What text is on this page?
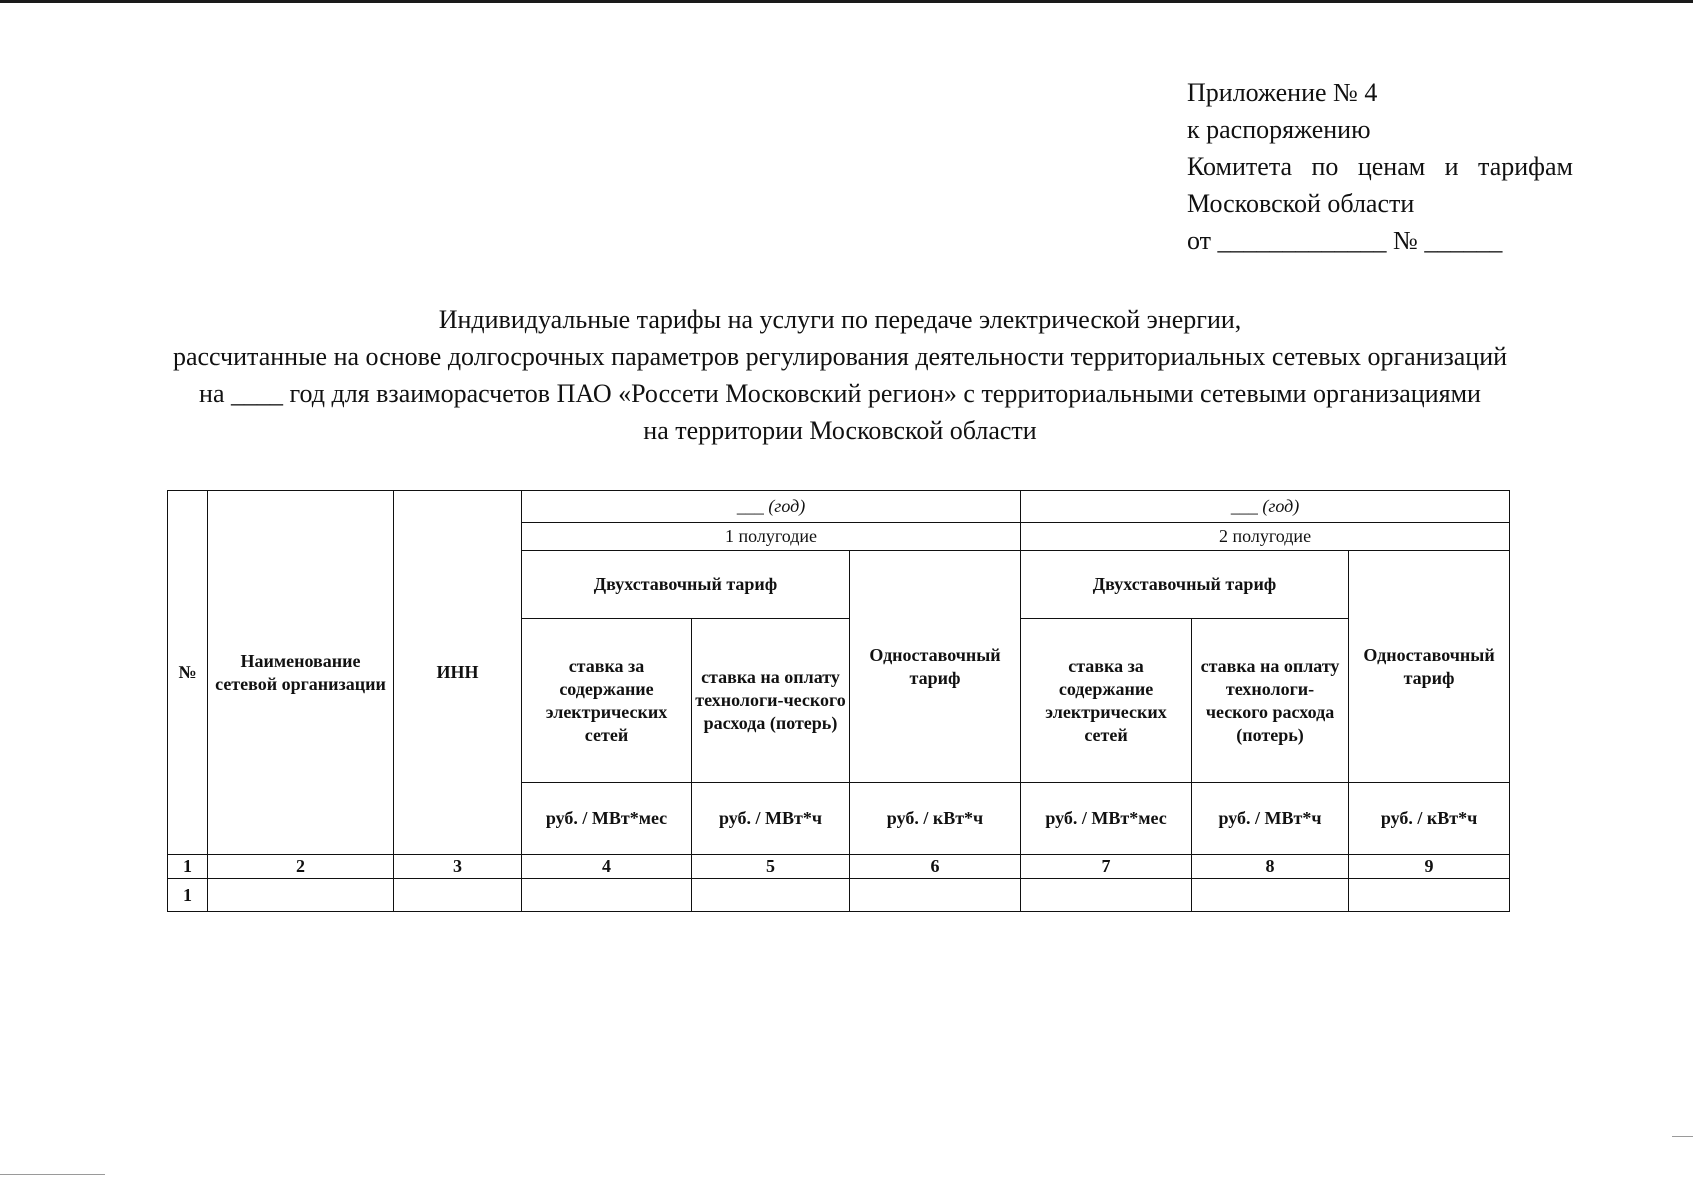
Приложение № 4
к распоряжению
Комитета по ценам и тарифам
Московской области
от _____________ № ______
Индивидуальные тарифы на услуги по передаче электрической энергии,
рассчитанные на основе долгосрочных параметров регулирования деятельности территориальных сетевых организаций
на ____ год для взаиморасчетов ПАО «Россети Московский регион» с территориальными сетевыми организациями
на территории Московской области
№	Наименование сетевой организации	ИНН	___ (год)			___ (год)		
			1 полугодие			2 полугодие		
			Двухставочный тариф		Одноставочный тариф	Двухставочный тариф		Одноставочный тариф
			ставка за содержание электрических сетей	ставка на оплату технологи-ческого расхода (потерь)		ставка за содержание электрических сетей	ставка на оплату технологи-ческого расхода (потерь)	
			руб. / МВт*мес	руб. / МВт*ч	руб. / кВт*ч	руб. / МВт*мес	руб. / МВт*ч	руб. / кВт*ч
1	2	3	4	5	6	7	8	9
1								
